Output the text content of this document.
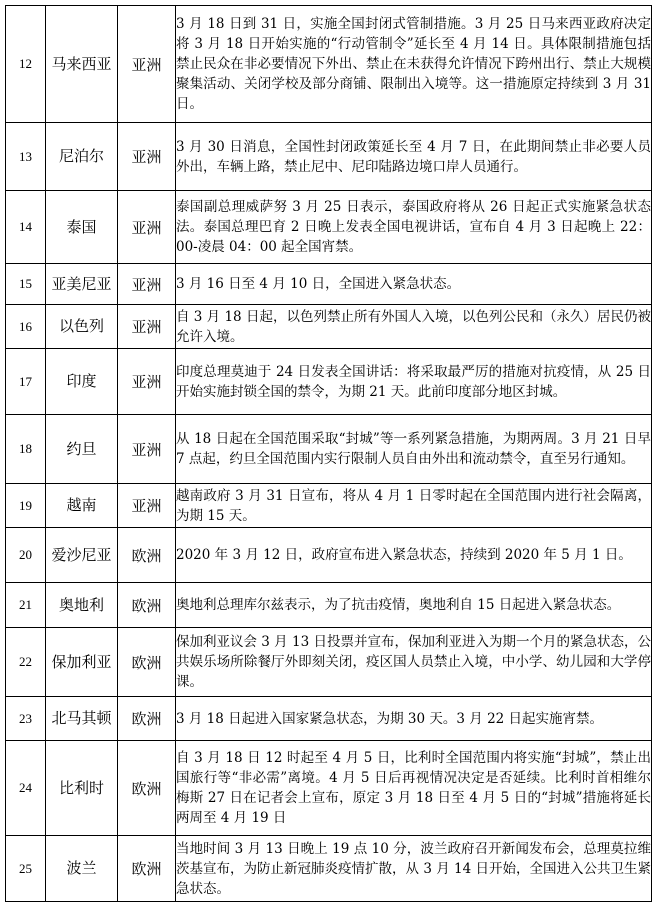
12	马来西亚	亚洲	3 月 18 日到 31 日，实施全国封闭式管制措施。3 月 25 日马来西亚政府决定将 3 月 18 日开始实施的“行动管制令”延长至 4 月 14 日。具体限制措施包括禁止民众在非必要情况下外出、禁止在未获得允许情况下跨州出行、禁止大规模聚集活动、关闭学校及部分商铺、限制出入境等。这一措施原定持续到 3 月 31 日。
13	尼泊尔	亚洲	3 月 30 日消息，全国性封闭政策延长至 4 月 7 日，在此期间禁止非必要人员外出，车辆上路，禁止尼中、尼印陆路边境口岸人员通行。
14	泰国	亚洲	泰国副总理威萨努 3 月 25 日表示，泰国政府将从 26 日起正式实施紧急状态法。泰国总理巴育 2 日晚上发表全国电视讲话，宣布自 4 月 3 日起晚上 22：00-凌晨 04：00 起全国宵禁。
15	亚美尼亚	亚洲	3 月 16 日至 4 月 10 日，全国进入紧急状态。
16	以色列	亚洲	自 3 月 18 日起，以色列禁止所有外国人入境，以色列公民和（永久）居民仍被允许入境。
17	印度	亚洲	印度总理莫迪于 24 日发表全国讲话：将采取最严厉的措施对抗疫情，从 25 日开始实施封锁全国的禁令，为期 21 天。此前印度部分地区封城。
18	约旦	亚洲	从 18 日起在全国范围采取“封城”等一系列紧急措施，为期两周。3 月 21 日早 7 点起，约旦全国范围内实行限制人员自由外出和流动禁令，直至另行通知。
19	越南	亚洲	越南政府 3 月 31 日宣布，将从 4 月 1 日零时起在全国范围内进行社会隔离，为期 15 天。
20	爱沙尼亚	欧洲	2020 年 3 月 12 日，政府宣布进入紧急状态，持续到 2020 年 5 月 1 日。
21	奥地利	欧洲	奥地利总理库尔兹表示，为了抗击疫情，奥地利自 15 日起进入紧急状态。
22	保加利亚	欧洲	保加利亚议会 3 月 13 日投票并宣布，保加利亚进入为期一个月的紧急状态，公共娱乐场所除餐厅外即刻关闭，疫区国人员禁止入境，中小学、幼儿园和大学停课。
23	北马其顿	欧洲	3 月 18 日起进入国家紧急状态，为期 30 天。3 月 22 日起实施宵禁。
24	比利时	欧洲	自 3 月 18 日 12 时起至 4 月 5 日，比利时全国范围内将实施“封城”，禁止出国旅行等“非必需”离境。4 月 5 日后再视情况决定是否延续。比利时首相维尔梅斯 27 日在记者会上宣布，原定 3 月 18 日至 4 月 5 日的“封城”措施将延长两周至 4 月 19 日
25	波兰	欧洲	当地时间 3 月 13 日晚上 19 点 10 分，波兰政府召开新闻发布会，总理莫拉维茨基宣布，为防止新冠肺炎疫情扩散，从 3 月 14 日开始，全国进入公共卫生紧急状态。
